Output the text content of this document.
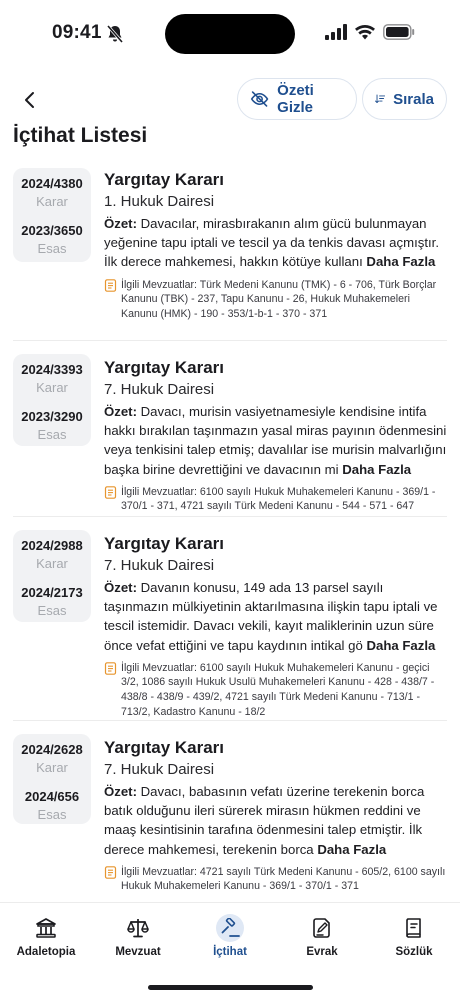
09:41
Özeti Gizle	Sırala
İçtihat Listesi
2024/4380
Karar
2023/3650
Esas
Yargıtay Kararı
1. Hukuk Dairesi
Özet: Davacılar, mirasbırakanın alım gücü bulunmayan yeğenine tapu iptali ve tescil ya da tenkis davası açmıştır. İlk derece mahkemesi, hakkın kötüye kullanı Daha Fazla
İlgili Mevzuatlar: Türk Medeni Kanunu (TMK) - 6 - 706, Türk Borçlar Kanunu (TBK) - 237, Tapu Kanunu - 26, Hukuk Muhakemeleri Kanunu (HMK) - 190 - 353/1-b-1 - 370 - 371
2024/3393
Karar
2023/3290
Esas
Yargıtay Kararı
7. Hukuk Dairesi
Özet: Davacı, murisin vasiyetnamesiyle kendisine intifa hakkı bırakılan taşınmazın yasal miras payının ödenmesini veya tenkisini talep etmiş; davalılar ise murisin malvarlığını başka birine devrettiğini ve davacının mi Daha Fazla
İlgili Mevzuatlar: 6100 sayılı Hukuk Muhakemeleri Kanunu - 369/1 - 370/1 - 371, 4721 sayılı Türk Medeni Kanunu - 544 - 571 - 647
2024/2988
Karar
2024/2173
Esas
Yargıtay Kararı
7. Hukuk Dairesi
Özet: Davanın konusu, 149 ada 13 parsel sayılı taşınmazın mülkiyetinin aktarılmasına ilişkin tapu iptali ve tescil istemidir. Davacı vekili, kayıt maliklerinin uzun süre önce vefat ettiğini ve tapu kaydının intikal gö Daha Fazla
İlgili Mevzuatlar: 6100 sayılı Hukuk Muhakemeleri Kanunu - geçici 3/2, 1086 sayılı Hukuk Usulü Muhakemeleri Kanunu - 428 - 438/7 - 438/8 - 438/9 - 439/2, 4721 sayılı Türk Medeni Kanunu - 713/1 - 713/2, Kadastro Kanunu - 18/2
2024/2628
Karar
2024/656
Esas
Yargıtay Kararı
7. Hukuk Dairesi
Özet: Davacı, babasının vefatı üzerine terekenin borca batık olduğunu ileri sürerek mirasın hükmen reddini ve maaş kesintisinin tarafına ödenmesini talep etmiştir. İlk derece mahkemesi, terekenin borca Daha Fazla
İlgili Mevzuatlar: 4721 sayılı Türk Medeni Kanunu - 605/2, 6100 sayılı Hukuk Muhakemeleri Kanunu - 369/1 - 370/1 - 371
Adaletopia	Mevzuat	İçtihat	Evrak	Sözlük
